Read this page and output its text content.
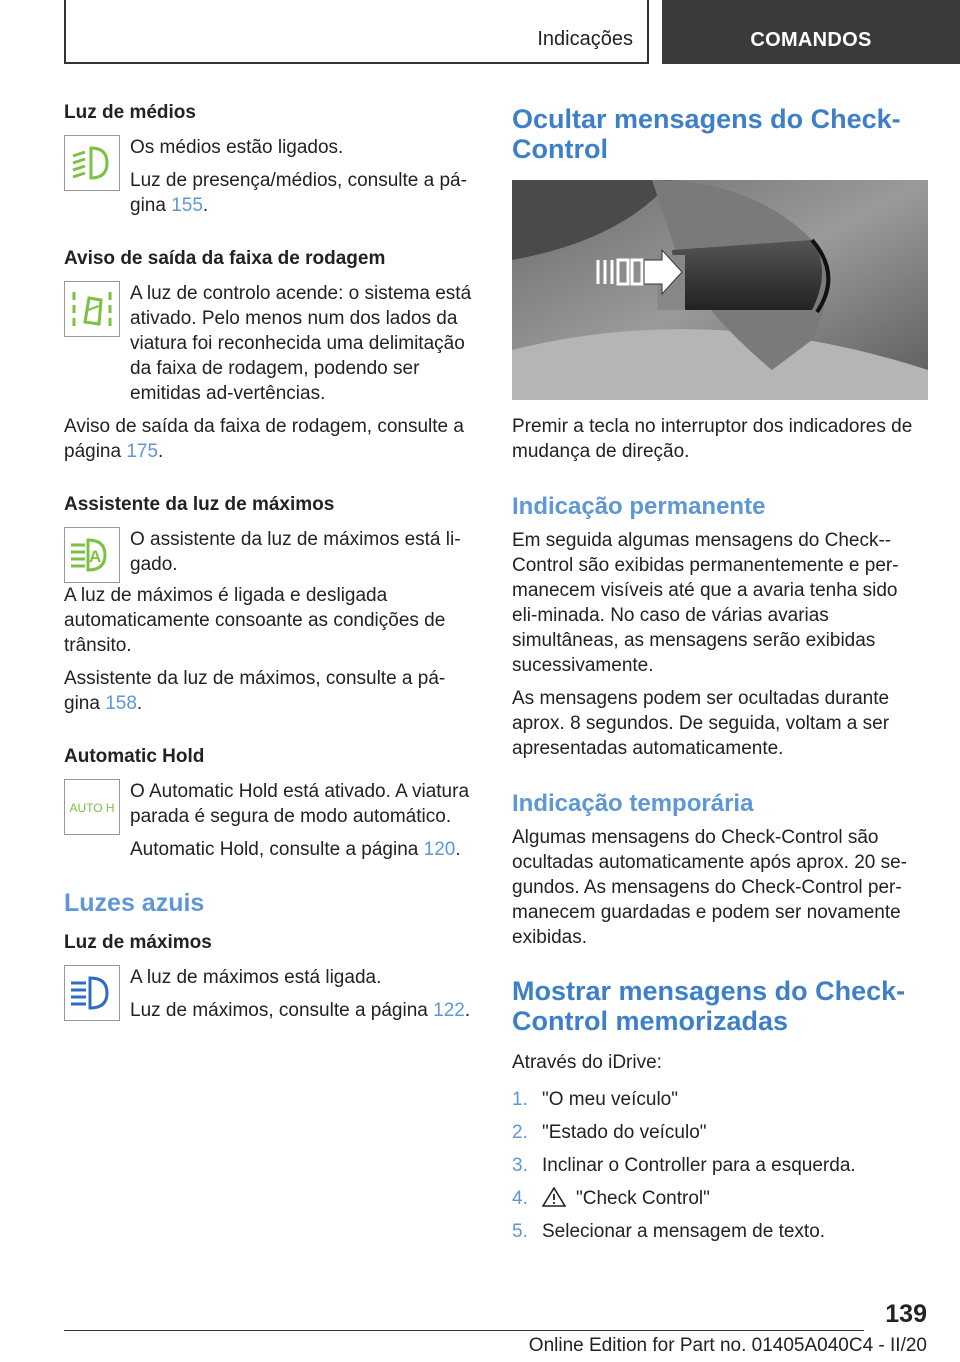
Indicações	COMANDOS
Luz de médios

Os médios estão ligados.

Luz de presença/médios, consulte a pá-gina 155.

Aviso de saída da faixa de rodagem

A luz de controlo acende: o sistema está ativado. Pelo menos num dos lados da viatura foi reconhecida uma delimitação da faixa de rodagem, podendo ser emitidas ad-vertências.

Aviso de saída da faixa de rodagem, consulte a página 175.

Assistente da luz de máximos
A

O assistente da luz de máximos está li-gado.

A luz de máximos é ligada e desligada automaticamente consoante as condições de trânsito.

Assistente da luz de máximos, consulte a pá-gina 158.

Automatic Hold
AUTO H

O Automatic Hold está ativado. A viatura parada é segura de modo automático.

Automatic Hold, consulte a página 120.

Luzes azuis
Luz de máximos

A luz de máximos está ligada.

Luz de máximos, consulte a página 122.

Ocultar mensagens do Check-Control

Premir a tecla no interruptor dos indicadores de mudança de direção.

Indicação permanente

Em seguida algumas mensagens do Check--Control são exibidas permanentemente e per-manecem visíveis até que a avaria tenha sido eli-minada. No caso de várias avarias simultâneas, as mensagens serão exibidas sucessivamente.

As mensagens podem ser ocultadas durante aprox. 8 segundos. De seguida, voltam a ser apresentadas automaticamente.

Indicação temporária

Algumas mensagens do Check-Control são ocultadas automaticamente após aprox. 20 se-gundos. As mensagens do Check-Control per-manecem guardadas e podem ser novamente exibidas.

Mostrar mensagens do Check-Control memorizadas

Através do iDrive:

1. "O meu veículo"
2. "Estado do veículo"
3. Inclinar o Controller para a esquerda.
4.	"Check Control"
5. Selecionar a mensagem de texto.
139
Online Edition for Part no. 01405A040C4 - II/20
